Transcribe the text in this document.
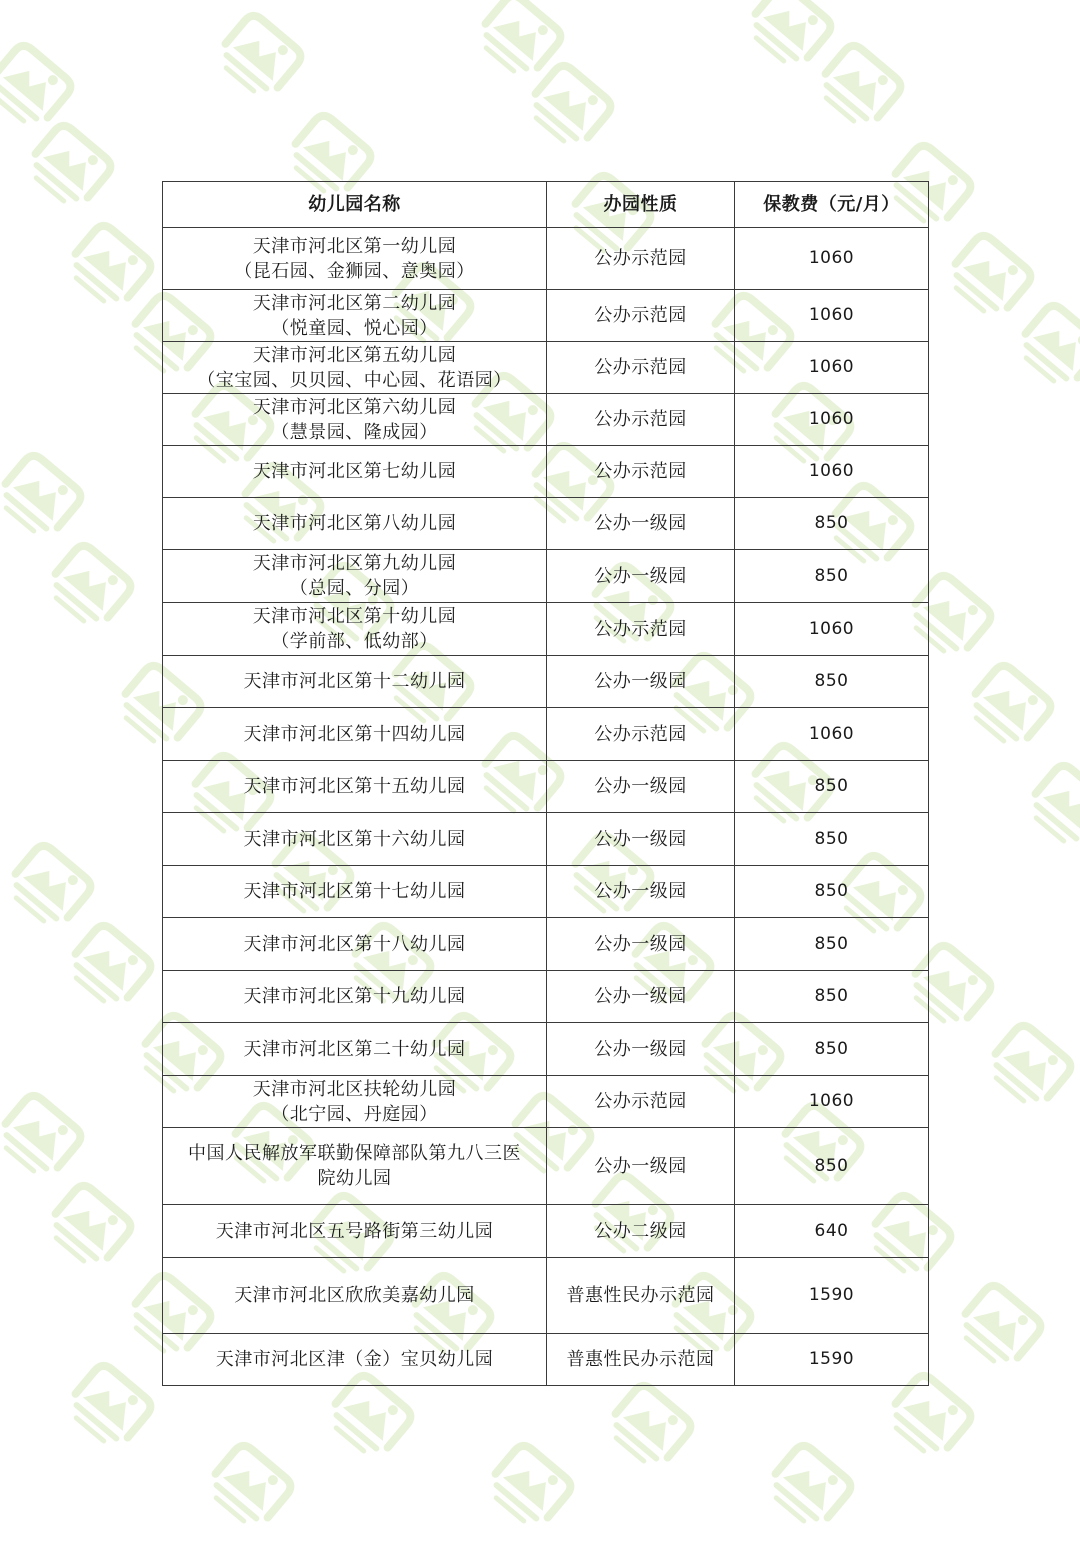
幼儿园名称	办园性质	保教费（元/月）

天津市河北区第一幼儿园
（昆石园、金狮园、意奥园）	公办示范园	1060

天津市河北区第二幼儿园
（悦童园、悦心园）	公办示范园	1060

天津市河北区第五幼儿园
（宝宝园、贝贝园、中心园、花语园）	公办示范园	1060

天津市河北区第六幼儿园
（慧景园、隆成园）	公办示范园	1060

天津市河北区第七幼儿园	公办示范园	1060

天津市河北区第八幼儿园	公办一级园	850

天津市河北区第九幼儿园
（总园、分园）	公办一级园	850

天津市河北区第十幼儿园
（学前部、低幼部）	公办示范园	1060

天津市河北区第十二幼儿园	公办一级园	850

天津市河北区第十四幼儿园	公办示范园	1060

天津市河北区第十五幼儿园	公办一级园	850

天津市河北区第十六幼儿园	公办一级园	850

天津市河北区第十七幼儿园	公办一级园	850

天津市河北区第十八幼儿园	公办一级园	850

天津市河北区第十九幼儿园	公办一级园	850

天津市河北区第二十幼儿园	公办一级园	850

天津市河北区扶轮幼儿园
（北宁园、丹庭园）	公办示范园	1060

中国人民解放军联勤保障部队第九八三医
院幼儿园	公办一级园	850

天津市河北区五号路街第三幼儿园	公办二级园	640

天津市河北区欣欣美嘉幼儿园	普惠性民办示范园	1590

天津市河北区津（金）宝贝幼儿园	普惠性民办示范园	1590
